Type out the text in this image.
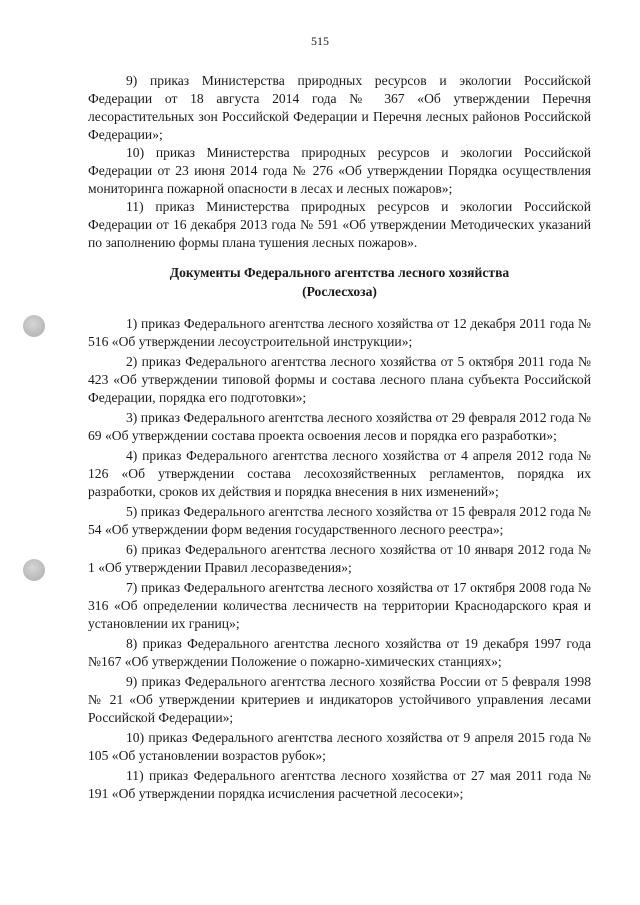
515

9) приказ Министерства природных ресурсов и экологии Российской Федерации от 18 августа 2014 года № 367 «Об утверждении Перечня лесорастительных зон Российской Федерации и Перечня лесных районов Российской Федерации»;

10) приказ Министерства природных ресурсов и экологии Российской Федерации от 23 июня 2014 года № 276 «Об утверждении Порядка осуществления мониторинга пожарной опасности в лесах и лесных пожаров»;

11) приказ Министерства природных ресурсов и экологии Российской Федерации от 16 декабря 2013 года № 591 «Об утверждении Методических указаний по заполнению формы плана тушения лесных пожаров».

Документы Федерального агентства лесного хозяйства
(Рослесхоза)

1) приказ Федерального агентства лесного хозяйства от 12 декабря 2011 года № 516 «Об утверждении лесоустроительной инструкции»;

2) приказ Федерального агентства лесного хозяйства от 5 октября 2011 года № 423 «Об утверждении типовой формы и состава лесного плана субъекта Российской Федерации, порядка его подготовки»;

3) приказ Федерального агентства лесного хозяйства от 29 февраля 2012 года № 69 «Об утверждении состава проекта освоения лесов и порядка его разработки»;

4) приказ Федерального агентства лесного хозяйства от 4 апреля 2012 года № 126 «Об утверждении состава лесохозяйственных регламентов, порядка их разработки, сроков их действия и порядка внесения в них изменений»;

5) приказ Федерального агентства лесного хозяйства от 15 февраля 2012 года № 54 «Об утверждении форм ведения государственного лесного реестра»;

6) приказ Федерального агентства лесного хозяйства от 10 января 2012 года № 1 «Об утверждении Правил лесоразведения»;

7) приказ Федерального агентства лесного хозяйства от 17 октября 2008 года № 316 «Об определении количества лесничеств на территории Краснодарского края и установлении их границ»;

8) приказ Федерального агентства лесного хозяйства от 19 декабря 1997 года №167 «Об утверждении Положение о пожарно-химических станциях»;

9) приказ Федерального агентства лесного хозяйства России от 5 февраля 1998 № 21 «Об утверждении критериев и индикаторов устойчивого управления лесами Российской Федерации»;

10) приказ Федерального агентства лесного хозяйства от 9 апреля 2015 года № 105 «Об установлении возрастов рубок»;

11) приказ Федерального агентства лесного хозяйства от 27 мая 2011 года № 191 «Об утверждении порядка исчисления расчетной лесосеки»;
